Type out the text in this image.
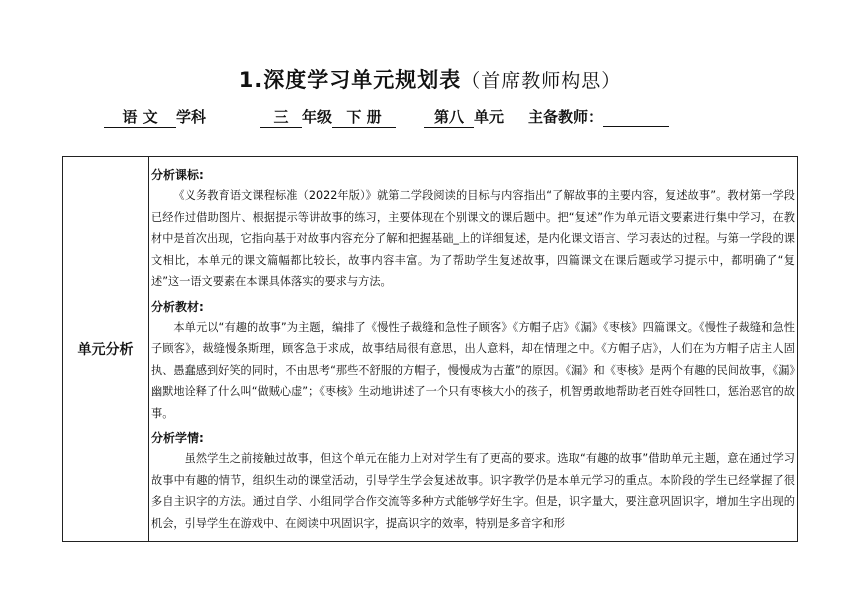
1.深度学习单元规划表（首席教师构思）
语 文 学科	三 年级 下 册	第八 单元 主备教师：
单元分析
分析课标:

《义务教育语文课程标准（2022年版）》就第二学段阅读的目标与内容指出“了解故事的主要内容，复述故事”。教材第一学段已经作过借助图片、根据提示等讲故事的练习，主要体现在个别课文的课后题中。把“复述”作为单元语文要素进行集中学习，在教材中是首次出现，它指向基于对故事内容充分了解和把握基础_上的详细复述，是内化课文语言、学习表达的过程。与第一学段的课文相比，本单元的课文篇幅都比较长，故事内容丰富。为了帮助学生复述故事，四篇课文在课后题或学习提示中，都明确了“复述”这一语文要素在本课具体落实的要求与方法。

分析教材:

本单元以“有趣的故事”为主题，编排了《慢性子裁缝和急性子顾客》《方帽子店》《漏》《枣核》四篇课文。《慢性子裁缝和急性子顾客》，裁缝慢条斯理，顾客急于求成，故事结局很有意思，出人意料，却在情理之中。《方帽子店》，人们在为方帽子店主人固执、愚蠢感到好笑的同时，不由思考“那些不舒服的方帽子，慢慢成为古董”的原因。《漏》和《枣核》是两个有趣的民间故事，《漏》幽默地诠释了什么叫“做贼心虚”；《枣核》生动地讲述了一个只有枣核大小的孩子，机智勇敢地帮助老百姓夺回牲口，惩治恶官的故事。

分析学情:

虽然学生之前接触过故事，但这个单元在能力上对对学生有了更高的要求。选取“有趣的故事”借助单元主题，意在通过学习故事中有趣的情节，组织生动的课堂活动，引导学生学会复述故事。识字教学仍是本单元学习的重点。本阶段的学生已经掌握了很多自主识字的方法。通过自学、小组同学合作交流等多种方式能够学好生字。但是，识字量大，要注意巩固识字，增加生字出现的机会，引导学生在游戏中、在阅读中巩固识字，提高识字的效率，特别是多音字和形
